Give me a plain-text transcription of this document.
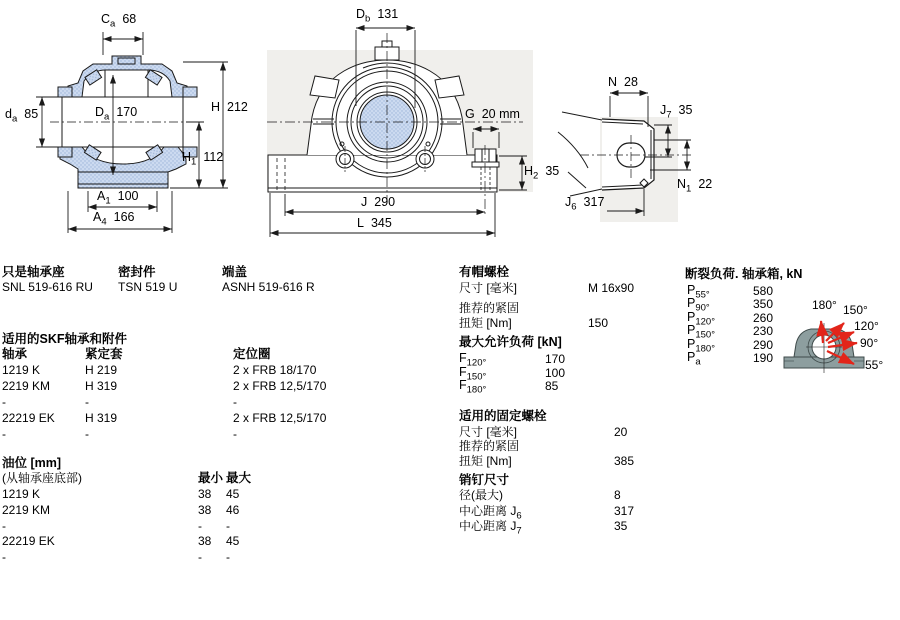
只是轴承座
SNL 519-616 RU
密封件
TSN 519 U
端盖
ASNH 519-616 R
适用的SKF轴承和附件
轴承	紧定套	定位圈
油位 [mm]
(从轴承座底部)	最小 最大
有帽螺栓
尺寸 [毫米]	M 16x90
推荐的紧固
扭矩 [Nm]	150
最大允许负荷 [kN]
适用的固定螺栓
尺寸 [毫米]	20
推荐的紧固
扭矩 [Nm]	385
销钉尺寸
断裂负荷. 轴承箱, kN
$C_a$ 68
H 212
$d_a$ 85	$D_a$ 170
$H_1$ 112
$A_1$ 100
$A_4$ 166
$D_b$ 131
G 20 mm
$H_2$ 35
J 290
L 345
N 28
$J_7$ 35
$N_1$ 22
$J_6$ 317
180° 150°
120°
90°
55°
1219 K	H 219	2 x FRB 18/170
2219 KM	H 319	2 x FRB 12,5/170
-	-	-
22219 EK	H 319	2 x FRB 12,5/170
-	-	-
1219 K	38 45
2219 KM	38 46
-	- -
22219 EK	38 45
-	- -
$F_{120^\circ}$	170
$F_{150^\circ}$	100
$F_{180^\circ}$	85
$P_{55^\circ}$	580
$P_{90^\circ}$	350
$P_{120^\circ}$	260
$P_{150^\circ}$	230
$P_{180^\circ}$	290
$P_a$	190
径(最大)	8
中心距离 $J_6$	317
中心距离 $J_7$	35
